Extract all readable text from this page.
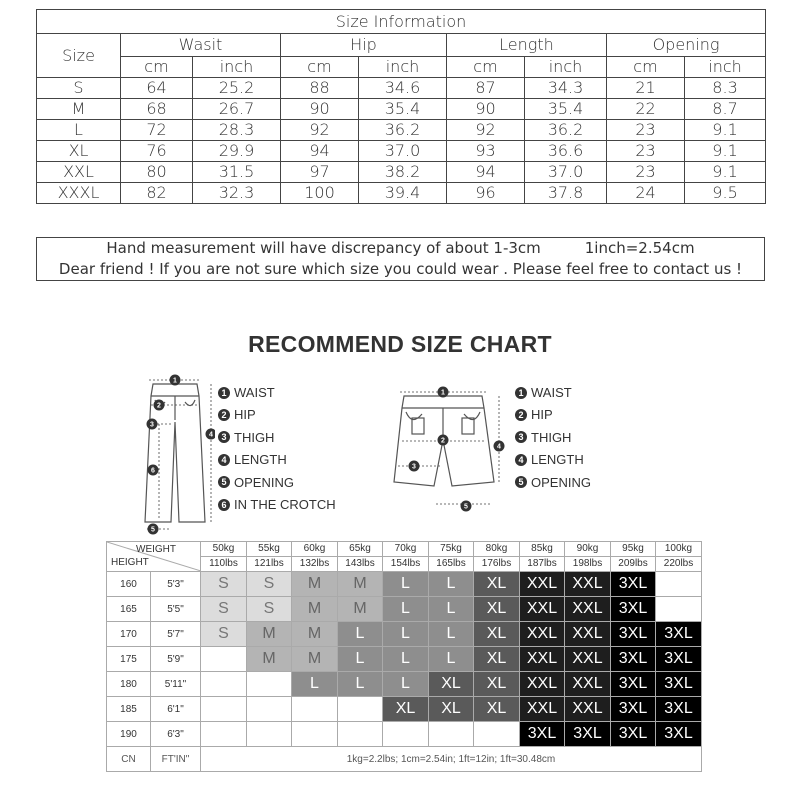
Size Information								
Size	Wasit		Hip		Length		Opening	
	cm	inch	cm	inch	cm	inch	cm	inch
S	64	25.2	88	34.6	87	34.3	21	8.3
M	68	26.7	90	35.4	90	35.4	22	8.7
L	72	28.3	92	36.2	92	36.2	23	9.1
XL	76	29.9	94	37.0	93	36.6	23	9.1
XXL	80	31.5	97	38.2	94	37.0	23	9.1
XXXL	82	32.3	100	39.4	96	37.8	24	9.5
Hand measurement will have discrepancy of about 1-3cm	1inch=2.54cm
Dear friend ! If you are not sure which size you could wear . Please feel free to contact us !
RECOMMEND SIZE CHART
1
2
3
4
6
5
1 WAIST
2 HIP
3 THIGH
4 LENGTH
5 OPENING
6 IN THE CROTCH
1
2
3
4
5
1 WAIST
2 HIP
3 THIGH
4 LENGTH
5 OPENING
WEIGHT
HEIGHT		50kg	55kg	60kg	65kg	70kg	75kg	80kg	85kg	90kg	95kg	100kg
		110lbs	121lbs	132lbs	143lbs	154lbs	165lbs	176lbs	187lbs	198lbs	209lbs	220lbs
160	5'3"	S	S	M	M	L	L	XL	XXL	XXL	3XL	
165	5'5"	S	S	M	M	L	L	XL	XXL	XXL	3XL	
170	5'7"	S	M	M	L	L	L	XL	XXL	XXL	3XL	3XL
175	5'9"		M	M	L	L	L	XL	XXL	XXL	3XL	3XL
180	5'11"			L	L	L	XL	XL	XXL	XXL	3XL	3XL
185	6'1"					XL	XL	XL	XXL	XXL	3XL	3XL
190	6'3"								3XL	3XL	3XL	3XL
CN	FT'IN"	1kg=2.2lbs; 1cm=2.54in; 1ft=12in; 1ft=30.48cm										
